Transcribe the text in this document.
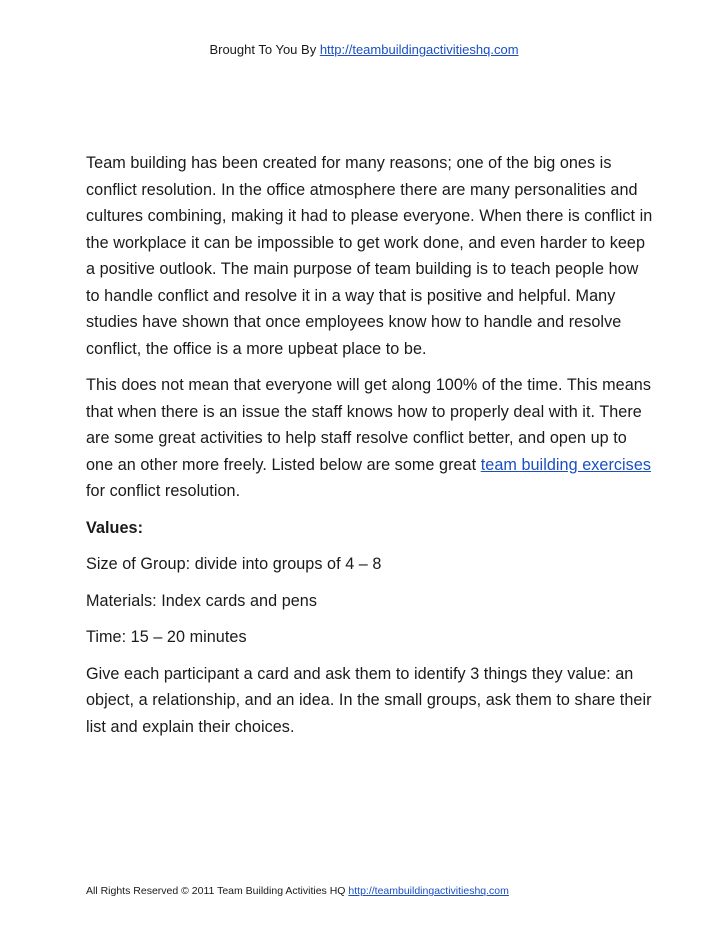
Brought To You By http://teambuildingactivitieshq.com

Team building has been created for many reasons; one of the big ones is conflict resolution. In the office atmosphere there are many personalities and cultures combining, making it had to please everyone. When there is conflict in the workplace it can be impossible to get work done, and even harder to keep a positive outlook. The main purpose of team building is to teach people how to handle conflict and resolve it in a way that is positive and helpful. Many studies have shown that once employees know how to handle and resolve conflict, the office is a more upbeat place to be.

This does not mean that everyone will get along 100% of the time. This means that when there is an issue the staff knows how to properly deal with it. There are some great activities to help staff resolve conflict better, and open up to one an other more freely. Listed below are some great team building exercises for conflict resolution.

Values:

Size of Group: divide into groups of 4 – 8

Materials: Index cards and pens

Time: 15 – 20 minutes

Give each participant a card and ask them to identify 3 things they value: an object, a relationship, and an idea. In the small groups, ask them to share their list and explain their choices.

All Rights Reserved © 2011 Team Building Activities HQ http://teambuildingactivitieshq.com
